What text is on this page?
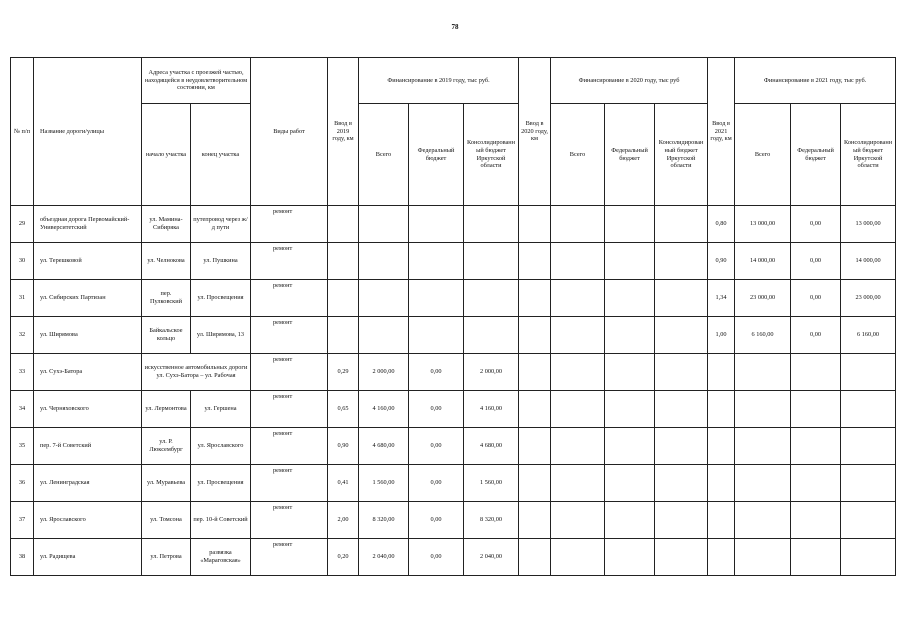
78
№ п/п	Название дороги/улицы	Адреса участка с проезжей частью, находящейся в неудовлетворительном состоянии, км		Виды работ	Ввод в 2019 году, км	Финансирование в 2019 году, тыс руб.			Ввод в 2020 году, км	Финансирование в 2020 году, тыс руб			Ввод в 2021 году, км	Финансирование в 2021 году, тыс руб.		
		начало участка	конец участка			Всего	Федеральный бюджет	Консолидированный бюджет Иркутской области		Всего	Федеральный бюджет	Консолидированный бюджет Иркутской области		Всего	Федеральный бюджет	Консолидированный бюджет Иркутской области
29	объездная дорога Первомайский-Университетский	ул. Мамина-Сибиряка	путепровод через ж/д пути	ремонт									0,80	13 000,00	0,00	13 000,00
30	ул. Терешковой	ул. Челнокова	ул. Пушкина	ремонт									0,90	14 000,00	0,00	14 000,00
31	ул. Сибирских Партизан	пер. Пулковский	ул. Просвещения	ремонт									1,34	23 000,00	0,00	23 000,00
32	ул. Ширямова	Байкальское кольцо	ул. Ширямова, 13	ремонт									1,00	6 160,00	0,00	6 160,00
33	ул. Сухэ-Батора	искусственное автомобильных дороги ул. Сухэ-Батора – ул. Рабочая		ремонт	0,29	2 000,00	0,00	2 000,00								
34	ул. Черняховского	ул. Лермонтова	ул. Гершена	ремонт	0,65	4 160,00	0,00	4 160,00								
35	пер. 7-й Советский	ул. Р. Люксембург	ул. Ярославского	ремонт	0,90	4 680,00	0,00	4 680,00								
36	ул. Ленинградская	ул. Муравьева	ул. Просвещения	ремонт	0,41	1 560,00	0,00	1 560,00								
37	ул. Ярославского	ул. Томсона	пер. 10-й Советский	ремонт	2,00	8 320,00	0,00	8 320,00								
38	ул. Радищева	ул. Петрова	развязка «Мараговская»	ремонт	0,20	2 040,00	0,00	2 040,00								
